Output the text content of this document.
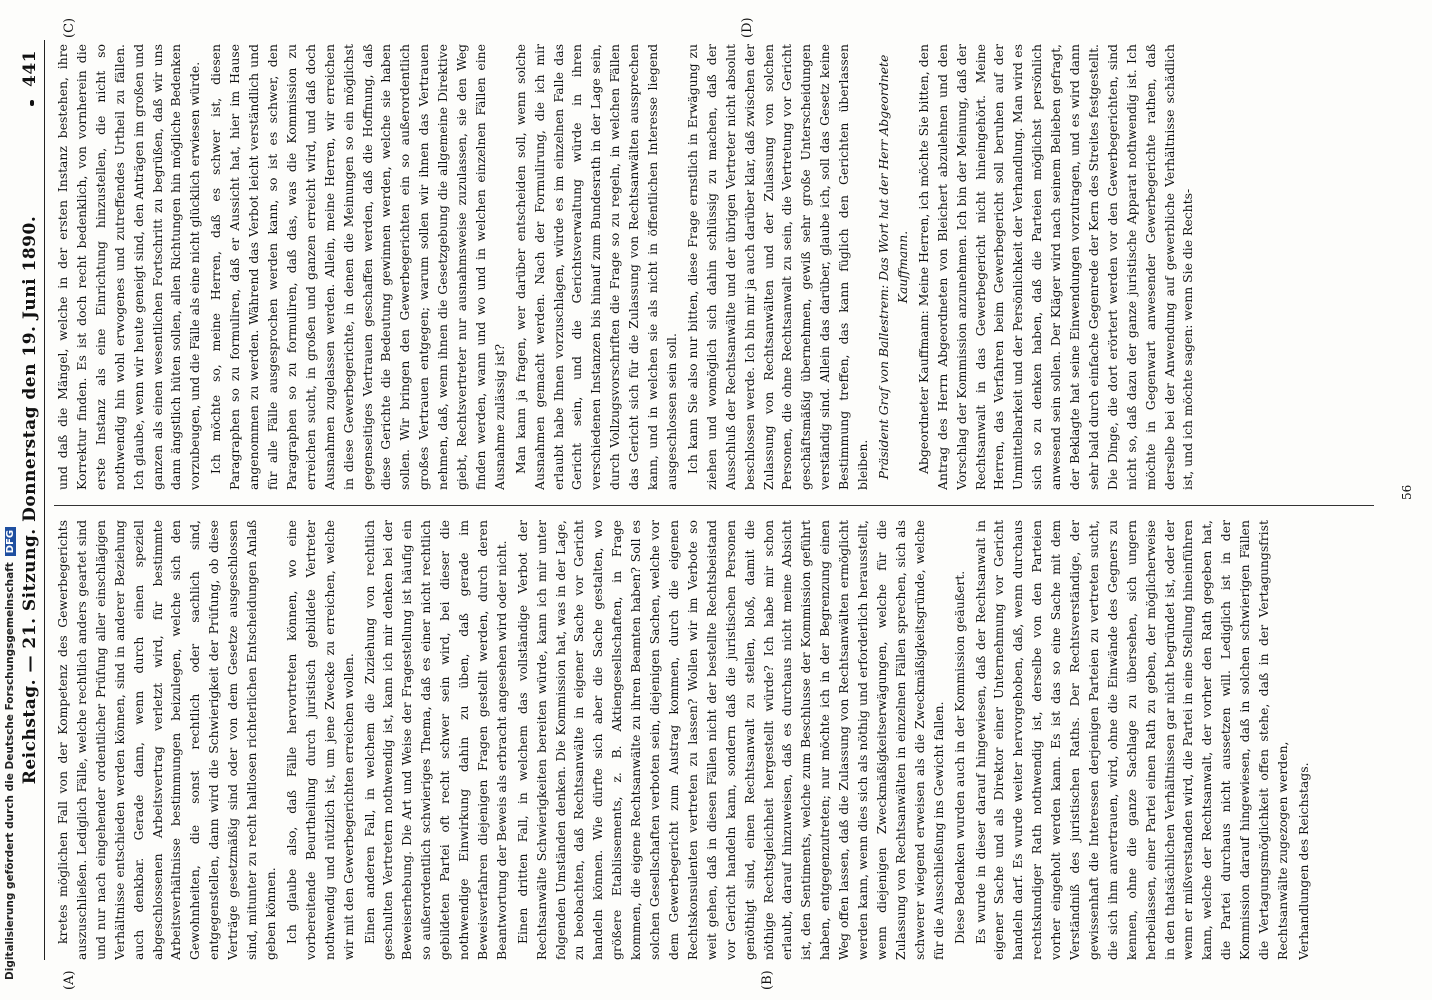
Reichstag. — 21. Sitzung. Donnerstag den 19. Juni 1890.
441
(A)	(B)
(C)	(D)

kretes möglichen Fall von der Kompetenz des Gewerbegerichts auszuschließen. Lediglich Fälle, welche rechtlich anders geartet sind und nur nach eingehender ordentlicher Prüfung aller einschlägigen Verhältnisse entschieden werden können, sind in anderer Beziehung auch denkbar. Gerade dann, wenn durch einen speziell abgeschlossenen Arbeitsvertrag verletzt wird, für bestimmte Arbeitsverhältnisse bestimmungen beizulegen, welche sich den Gewohnheiten, die sonst rechtlich oder sachlich sind, entgegenstellen, dann wird die Schwierigkeit der Prüfung, ob diese Verträge gesetzmäßig sind oder von dem Gesetze ausgeschlossen sind, mitunter zu recht haltlosen richterlichen Entscheidungen Anlaß geben können. Ich glaube also, daß Fälle hervortreten können, wo eine vorbereitende Beurtheilung durch juristisch gebildete Vertreter nothwendig und nützlich ist, um jene Zwecke zu erreichen, welche wir mit den Gewerbegerichten erreichen wollen. Einen anderen Fall, in welchem die Zuziehung von rechtlich geschulten Vertretern nothwendig ist, kann ich mir denken bei der Beweiserhebung. Die Art und Weise der Fragestellung ist häufig ein so außerordentlich schwieriges Thema, daß es einer nicht rechtlich gebildeten Partei oft recht schwer sein wird, bei dieser die nothwendige Einwirkung dahin zu üben, daß gerade im Beweisverfahren diejenigen Fragen gestellt werden, durch deren Beantwortung der Beweis als erbracht angesehen wird oder nicht. Einen dritten Fall, in welchem das vollständige Verbot der Rechtsanwälte Schwierigkeiten bereiten würde, kann ich mir unter folgenden Umständen denken. Die Kommission hat, was in der Lage, zu beobachten, daß Rechtsanwälte in eigener Sache vor Gericht handeln können. Wie dürfte sich aber die Sache gestalten, wo größere Etablissements, z. B. Aktiengesellschaften, in Frage kommen, die eigene Rechtsanwälte zu ihren Beamten haben? Soll es solchen Gesellschaften verboten sein, diejenigen Sachen, welche vor dem Gewerbegericht zum Austrag kommen, durch die eigenen Rechtskonsulenten vertreten zu lassen? Wollen wir im Verbote so weit gehen, daß in diesen Fällen nicht der bestellte Rechtsbeistand vor Gericht handeln kann, sondern daß die juristischen Personen genöthigt sind, einen Rechtsanwalt zu stellen, bloß, damit die nöthige Rechtsgleichheit hergestellt würde? Ich habe mir schon erlaubt, darauf hinzuweisen, daß es durchaus nicht meine Absicht ist, den Sentiments, welche zum Beschlusse der Kommission geführt haben, entgegenzutreten; nur möchte ich in der Begrenzung einen Weg offen lassen, daß die Zulassung von Rechtsanwälten ermöglicht werden kann, wenn dies sich als nöthig und erforderlich herausstellt, wenn diejenigen Zweckmäßigkeitserwägungen, welche für die Zulassung von Rechtsanwälten in einzelnen Fällen sprechen, sich als schwerer wiegend erweisen als die Zweckmäßigkeitsgründe, welche für die Ausschließung ins Gewicht fallen. Diese Bedenken wurden auch in der Kommission geäußert. Es wurde in dieser darauf hingewiesen, daß der Rechtsanwalt in eigener Sache und als Direktor einer Unternehmung vor Gericht handeln darf. Es wurde weiter hervorgehoben, daß, wenn durchaus rechtskundiger Rath nothwendig ist, derselbe von den Parteien vorher eingeholt werden kann. Es ist das so eine Sache mit dem Verständniß des juristischen Raths. Der Rechtsverständige, der gewissenhaft die Interessen derjenigen Parteien zu vertreten sucht, die sich ihm anvertrauen, wird, ohne die Einwände des Gegners zu kennen, ohne die ganze Sachlage zu übersehen, sich ungern herbeilassen, einer Partei einen Rath zu geben, der möglicherweise in den thatsächlichen Verhältnissen gar nicht begründet ist, oder der wenn er mißverstanden wird, die Partei in eine Stellung hineinführen kann, welche der Rechtsanwalt, der vorher den Rath gegeben hat, die Partei durchaus nicht aussetzen will. Lediglich ist in der Kommission darauf hingewiesen, daß in solchen schwierigen Fällen die Vertagungsmöglichkeit offen stehe, daß in der Vertagungsfrist Rechtsanwälte zugezogen werden, Verhandlungen des Reichstags.

und daß die Mängel, welche in der ersten Instanz bestehen, ihre Korrektur finden. Es ist doch recht bedenklich, von vornherein die erste Instanz als eine Einrichtung hinzustellen, die nicht so nothwendig hin wohl erwogenes und zutreffendes Urtheil zu fällen. Ich glaube, wenn wir heute geneigt sind, den Anträgen im großen und ganzen als einen wesentlichen Fortschritt zu begrüßen, daß wir uns dann ängstlich hüten sollen, allen Richtungen hin mögliche Bedenken vorzubeugen, und die Fälle als eine nicht glücklich erwiesen würde. Ich möchte so, meine Herren, daß es schwer ist, diesen Paragraphen so zu formuliren, daß er Aussicht hat, hier im Hause angenommen zu werden. Während das Verbot leicht verständlich und für alle Fälle ausgesprochen werden kann, so ist es schwer, den Paragraphen so zu formuliren, daß das, was die Kommission zu erreichen sucht, in großen und ganzen erreicht wird, und daß doch Ausnahmen zugelassen werden. Allein, meine Herren, wir erreichen in diese Gewerbegerichte, in denen die Meinungen so ein möglichst gegenseitiges Vertrauen geschaffen werden, daß die Hoffnung, daß diese Gerichte die Bedeutung gewinnen werden, welche sie haben sollen. Wir bringen den Gewerbegerichten ein so außerordentlich großes Vertrauen entgegen; warum sollen wir ihnen das Vertrauen nehmen, daß, wenn ihnen die Gesetzgebung die allgemeine Direktive giebt, Rechtsvertreter nur ausnahmsweise zuzulassen, sie den Weg finden werden, wann und wo und in welchen einzelnen Fällen eine Ausnahme zulässig ist? Man kann ja fragen, wer darüber entscheiden soll, wenn solche Ausnahmen gemacht werden. Nach der Formulirung, die ich mir erlaubt habe Ihnen vorzuschlagen, würde es im einzelnen Falle das Gericht sein, und die Gerichtsverwaltung würde in ihren verschiedenen Instanzen bis hinauf zum Bundesrath in der Lage sein, durch Vollzugsvorschriften die Frage so zu regeln, in welchen Fällen das Gericht sich für die Zulassung von Rechtsanwälten aussprechen kann, und in welchen sie als nicht in öffentlichen Interesse liegend ausgeschlossen sein soll. Ich kann Sie also nur bitten, diese Frage ernstlich in Erwägung zu ziehen und womöglich sich dahin schlüssig zu machen, daß der Ausschluß der Rechtsanwälte und der übrigen Vertreter nicht absolut beschlossen werde. Ich bin mir ja auch darüber klar, daß zwischen der Zulassung von Rechtsanwälten und der Zulassung von solchen Personen, die ohne Rechtsanwalt zu sein, die Vertretung vor Gericht geschäftsmäßig übernehmen, gewiß sehr große Unterscheidungen verständig sind. Allein das darüber, glaube ich, soll das Gesetz keine Bestimmung treffen, das kann füglich den Gerichten überlassen bleiben. Präsident Graf von Ballestrem: Das Wort hat der Herr Abgeordnete Kauffmann. Abgeordneter Kauffmann: Meine Herren, ich möchte Sie bitten, den Antrag des Herrn Abgeordneten von Bleichert abzulehnen und den Vorschlag der Kommission anzunehmen. Ich bin der Meinung, daß der Rechtsanwalt in das Gewerbegericht nicht hineingehört. Meine Herren, das Verfahren beim Gewerbegericht soll beruhen auf der Unmittelbarkeit und der Persönlichkeit der Verhandlung. Man wird es sich so zu denken haben, daß die Parteien möglichst persönlich anwesend sein sollen. Der Kläger wird nach seinem Belieben gefragt, der Beklagte hat seine Einwendungen vorzutragen, und es wird dann sehr bald durch einfache Gegenrede der Kern des Streites festgestellt. Die Dinge, die dort erörtert werden vor den Gewerbegerichten, sind nicht so, daß dazu der ganze juristische Apparat nothwendig ist. Ich möchte in Gegenwart anwesender Gewerbegerichte rathen, daß derselbe bei der Anwendung auf gewerbliche Verhältnisse schädlich ist, und ich möchte sagen: wenn Sie die Rechts-

56
Digitalisierung gefördert durch die Deutsche Forschungsgemeinschaft
DFG
